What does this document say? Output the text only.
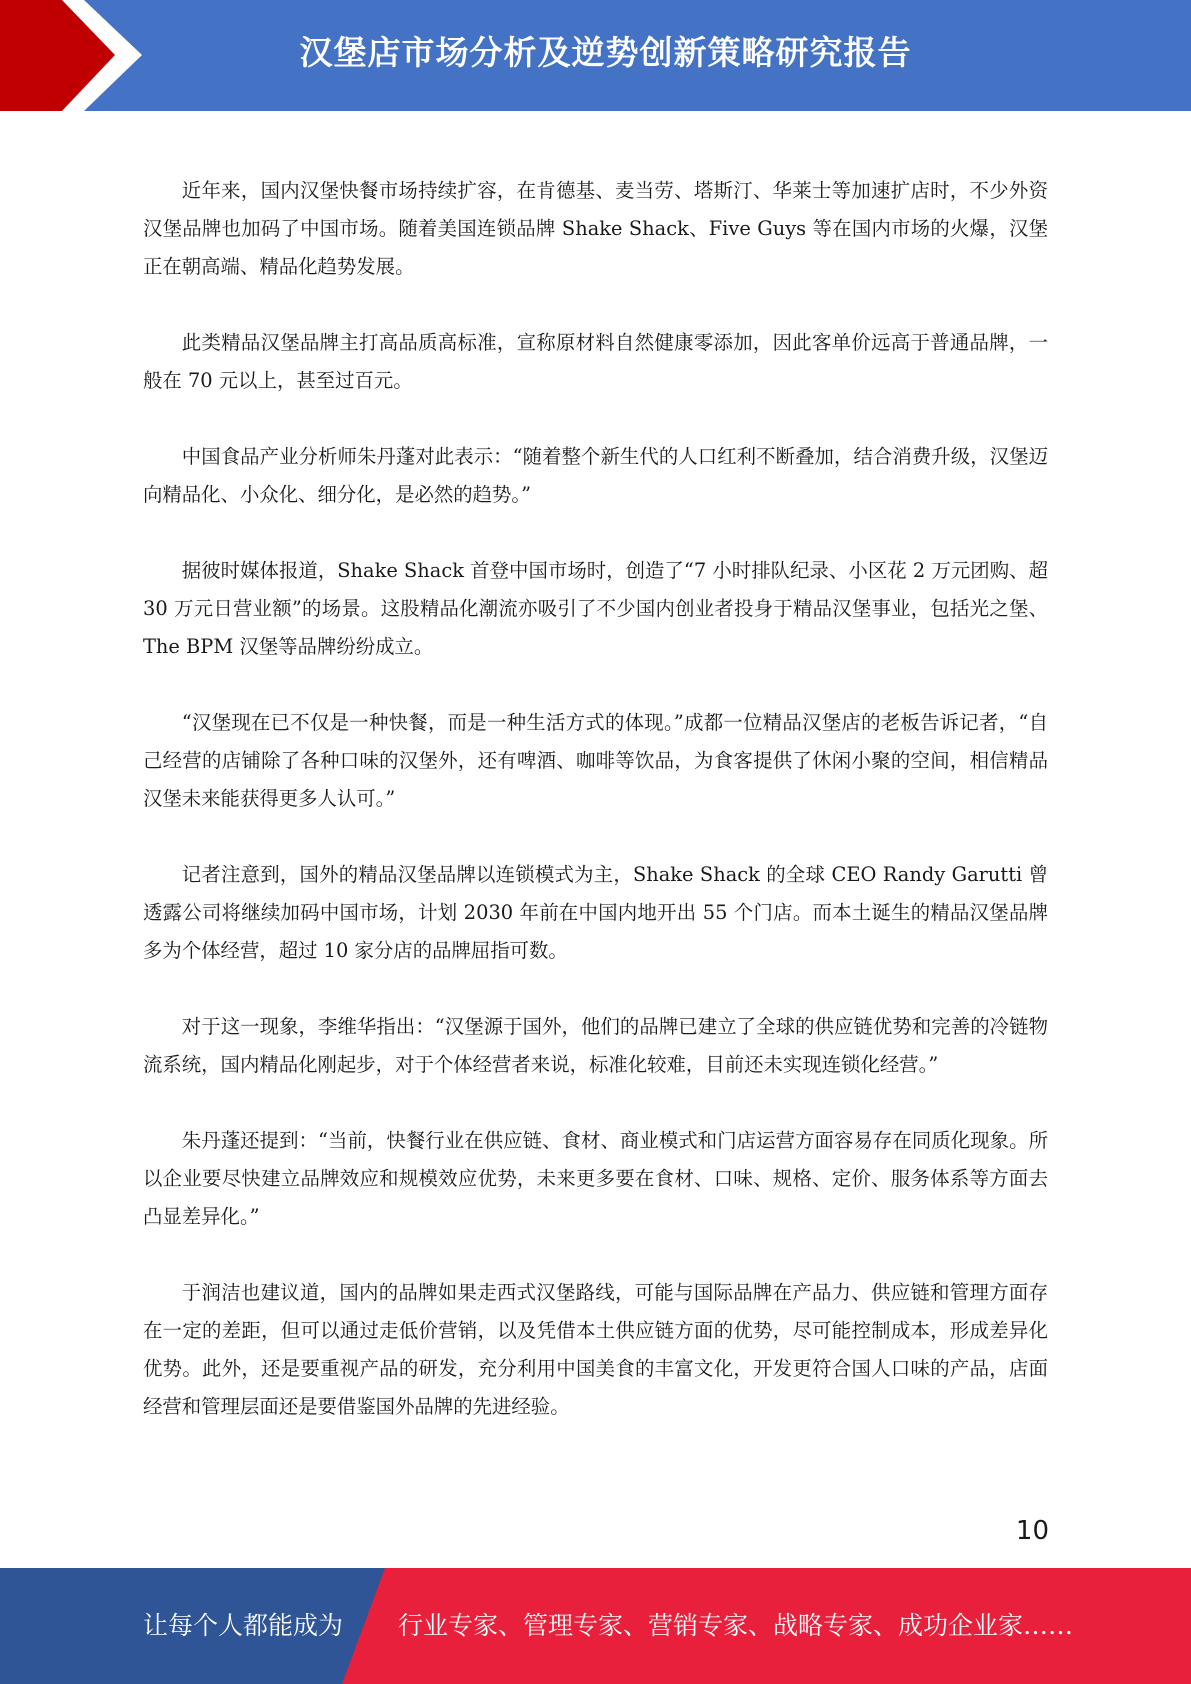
汉堡店市场分析及逆势创新策略研究报告

近年来，国内汉堡快餐市场持续扩容，在肯德基、麦当劳、塔斯汀、华莱士等加速扩店时，不少外资汉堡品牌也加码了中国市场。随着美国连锁品牌 Shake Shack、Five Guys 等在国内市场的火爆，汉堡正在朝高端、精品化趋势发展。

此类精品汉堡品牌主打高品质高标准，宣称原材料自然健康零添加，因此客单价远高于普通品牌，一般在 70 元以上，甚至过百元。

中国食品产业分析师朱丹蓬对此表示：“随着整个新生代的人口红利不断叠加，结合消费升级，汉堡迈向精品化、小众化、细分化，是必然的趋势。”

据彼时媒体报道，Shake Shack 首登中国市场时，创造了“7 小时排队纪录、小区花 2 万元团购、超 30 万元日营业额”的场景。这股精品化潮流亦吸引了不少国内创业者投身于精品汉堡事业，包括光之堡、The BPM 汉堡等品牌纷纷成立。

“汉堡现在已不仅是一种快餐，而是一种生活方式的体现。”成都一位精品汉堡店的老板告诉记者，“自己经营的店铺除了各种口味的汉堡外，还有啤酒、咖啡等饮品，为食客提供了休闲小聚的空间，相信精品汉堡未来能获得更多人认可。”

记者注意到，国外的精品汉堡品牌以连锁模式为主，Shake Shack 的全球 CEO Randy Garutti 曾透露公司将继续加码中国市场，计划 2030 年前在中国内地开出 55 个门店。而本土诞生的精品汉堡品牌多为个体经营，超过 10 家分店的品牌屈指可数。

对于这一现象，李维华指出：“汉堡源于国外，他们的品牌已建立了全球的供应链优势和完善的冷链物流系统，国内精品化刚起步，对于个体经营者来说，标准化较难，目前还未实现连锁化经营。”

朱丹蓬还提到：“当前，快餐行业在供应链、食材、商业模式和门店运营方面容易存在同质化现象。所以企业要尽快建立品牌效应和规模效应优势，未来更多要在食材、口味、规格、定价、服务体系等方面去凸显差异化。”

于润洁也建议道，国内的品牌如果走西式汉堡路线，可能与国际品牌在产品力、供应链和管理方面存在一定的差距，但可以通过走低价营销，以及凭借本土供应链方面的优势，尽可能控制成本，形成差异化优势。此外，还是要重视产品的研发，充分利用中国美食的丰富文化，开发更符合国人口味的产品，店面经营和管理层面还是要借鉴国外品牌的先进经验。

10
让每个人都能成为 行业专家、管理专家、营销专家、战略专家、成功企业家……
